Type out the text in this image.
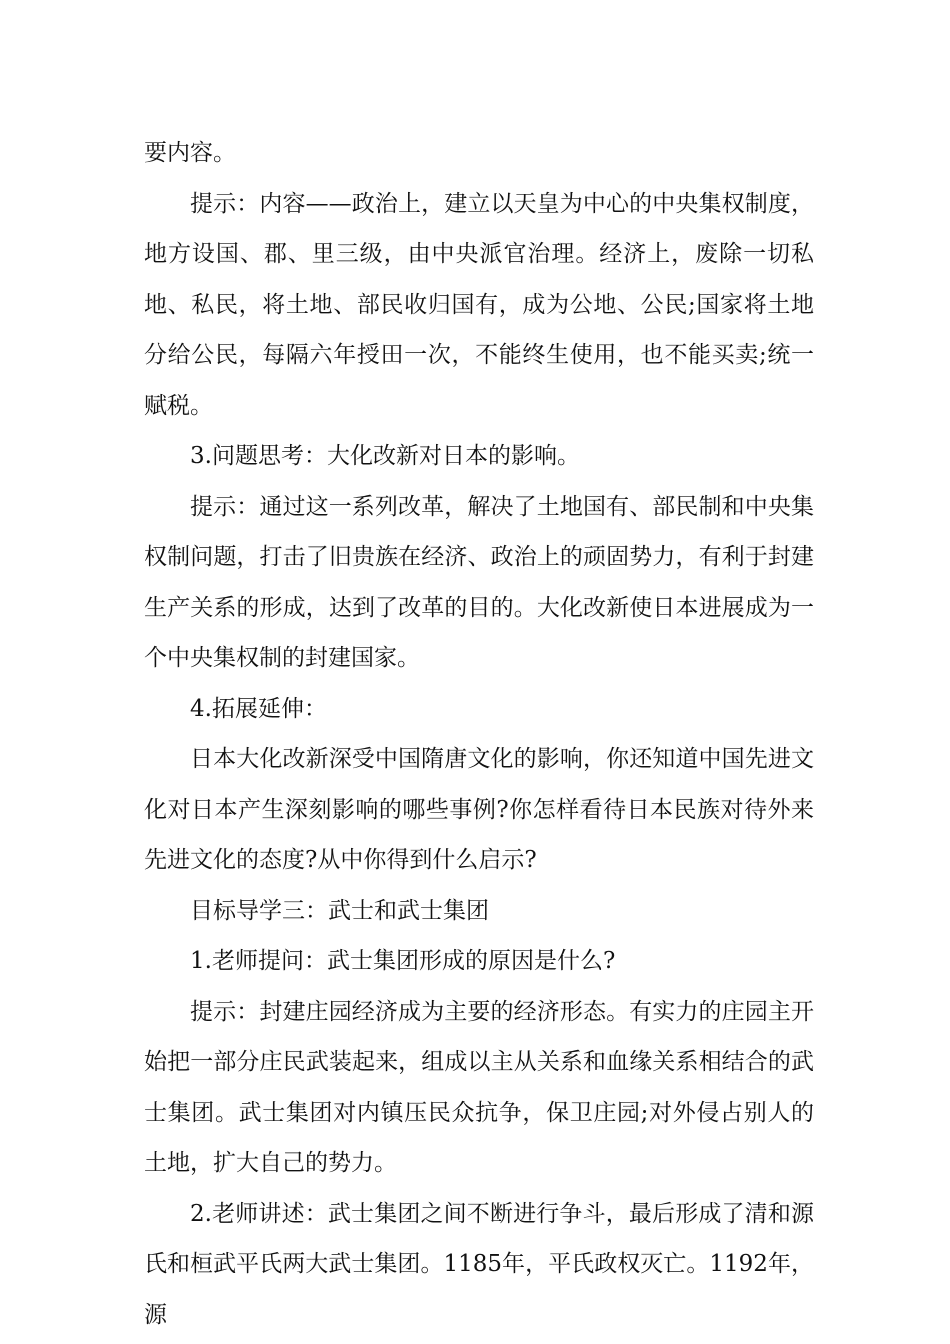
要内容。

提示：内容——政治上，建立以天皇为中心的中央集权制度，地方设国、郡、里三级，由中央派官治理。经济上，废除一切私地、私民，将土地、部民收归国有，成为公地、公民;国家将土地分给公民，每隔六年授田一次，不能终生使用，也不能买卖;统一赋税。

3.问题思考：大化改新对日本的影响。

提示：通过这一系列改革，解决了土地国有、部民制和中央集权制问题，打击了旧贵族在经济、政治上的顽固势力，有利于封建生产关系的形成，达到了改革的目的。大化改新使日本进展成为一个中央集权制的封建国家。

4.拓展延伸：

日本大化改新深受中国隋唐文化的影响，你还知道中国先进文化对日本产生深刻影响的哪些事例?你怎样看待日本民族对待外来先进文化的态度?从中你得到什么启示?

目标导学三：武士和武士集团

1.老师提问：武士集团形成的原因是什么?

提示：封建庄园经济成为主要的经济形态。有实力的庄园主开始把一部分庄民武装起来，组成以主从关系和血缘关系相结合的武士集团。武士集团对内镇压民众抗争，保卫庄园;对外侵占别人的土地，扩大自己的势力。

2.老师讲述：武士集团之间不断进行争斗，最后形成了清和源氏和桓武平氏两大武士集团。1185年，平氏政权灭亡。1192年，源
